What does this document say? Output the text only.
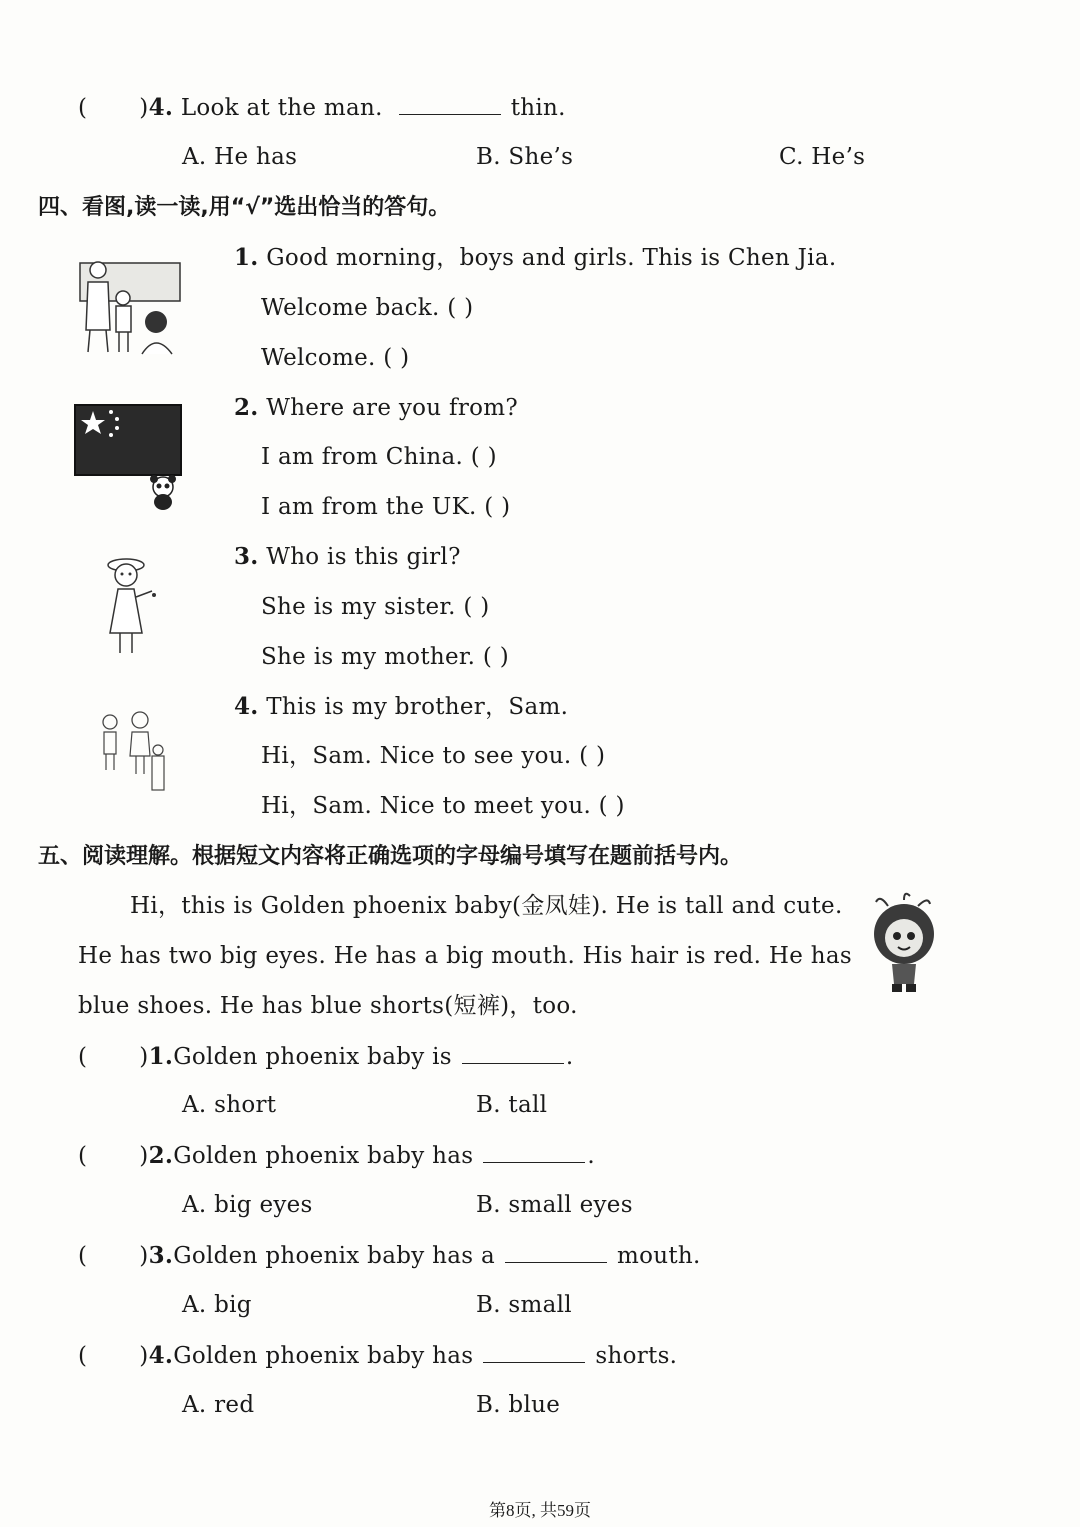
( )4. Look at the man.	thin.
A. He has	B. She’s	C. He’s
四、看图,读一读,用“√”选出恰当的答句。
1. Good morning，boys and girls. This is Chen Jia.
Welcome back. ( )
Welcome. ( )
2. Where are you from?
I am from China. ( )
I am from the UK. ( )
3. Who is this girl?
She is my sister. ( )
She is my mother. ( )
4. This is my brother，Sam.
Hi，Sam. Nice to see you. ( )
Hi，Sam. Nice to meet you. ( )
五、阅读理解。根据短文内容将正确选项的字母编号填写在题前括号内。
Hi，this is Golden phoenix baby(金凤娃). He is tall and cute.
He has two big eyes. He has a big mouth. His hair is red. He has
blue shoes. He has blue shorts(短裤)，too.
( )1.Golden phoenix baby is	.
A. short	B. tall
( )2.Golden phoenix baby has	.
A. big eyes	B. small eyes
( )3.Golden phoenix baby has a	mouth.
A. big	B. small
( )4.Golden phoenix baby has	shorts.
A. red	B. blue
第8页, 共59页
